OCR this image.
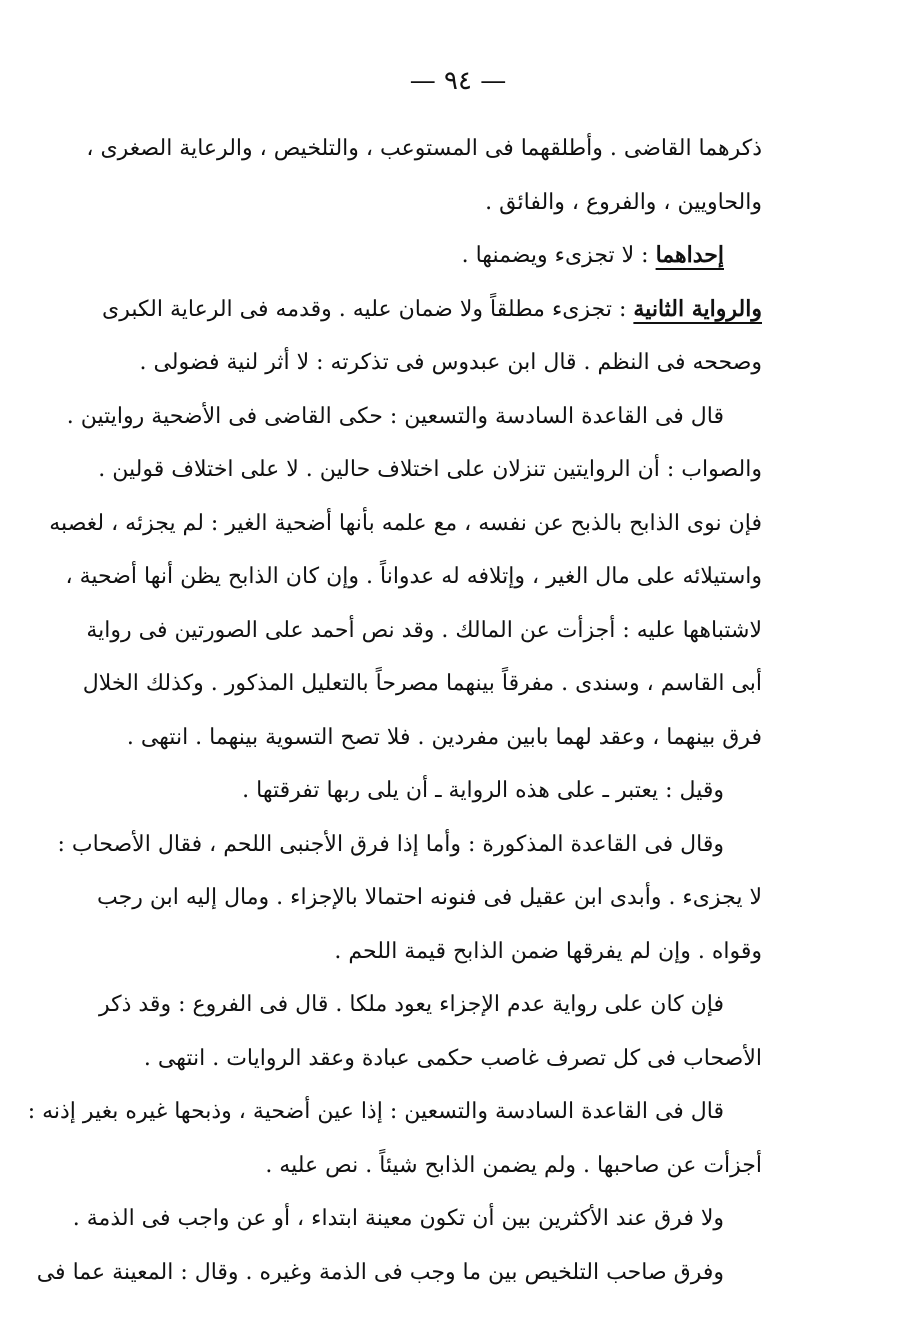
— ٩٤ —
ذكرهما القاضى . وأطلقهما فى المستوعب ، والتلخيص ، والرعاية الصغرى ،
والحاويين ، والفروع ، والفائق .
إحداهما : لا تجزىء ويضمنها .
والرواية الثانية : تجزىء مطلقاً ولا ضمان عليه . وقدمه فى الرعاية الكبرى
وصححه فى النظم . قال ابن عبدوس فى تذكرته : لا أثر لنية فضولى .
قال فى القاعدة السادسة والتسعين : حكى القاضى فى الأضحية روايتين .
والصواب : أن الروايتين تنزلان على اختلاف حالين . لا على اختلاف قولين .
فإن نوى الذابح بالذبح عن نفسه ، مع علمه بأنها أضحية الغير : لم يجزئه ، لغصبه
واستيلائه على مال الغير ، وإتلافه له عدواناً . وإن كان الذابح يظن أنها أضحية ،
لاشتباهها عليه : أجزأت عن المالك . وقد نص أحمد على الصورتين فى رواية
أبى القاسم ، وسندى . مفرقاً بينهما مصرحاً بالتعليل المذكور . وكذلك الخلال
فرق بينهما ، وعقد لهما بابين مفردين . فلا تصح التسوية بينهما . انتهى .
وقيل : يعتبر ـ على هذه الرواية ـ أن يلى ربها تفرقتها .
وقال فى القاعدة المذكورة : وأما إذا فرق الأجنبى اللحم ، فقال الأصحاب :
لا يجزىء . وأبدى ابن عقيل فى فنونه احتمالا بالإجزاء . ومال إليه ابن رجب
وقواه . وإن لم يفرقها ضمن الذابح قيمة اللحم .
فإن كان على رواية عدم الإجزاء يعود ملكا . قال فى الفروع : وقد ذكر
الأصحاب فى كل تصرف غاصب حكمى عبادة وعقد الروايات . انتهى .
قال فى القاعدة السادسة والتسعين : إذا عين أضحية ، وذبحها غيره بغير إذنه :
أجزأت عن صاحبها . ولم يضمن الذابح شيئاً . نص عليه .
ولا فرق عند الأكثرين بين أن تكون معينة ابتداء ، أو عن واجب فى الذمة .
وفرق صاحب التلخيص بين ما وجب فى الذمة وغيره . وقال : المعينة عما فى
